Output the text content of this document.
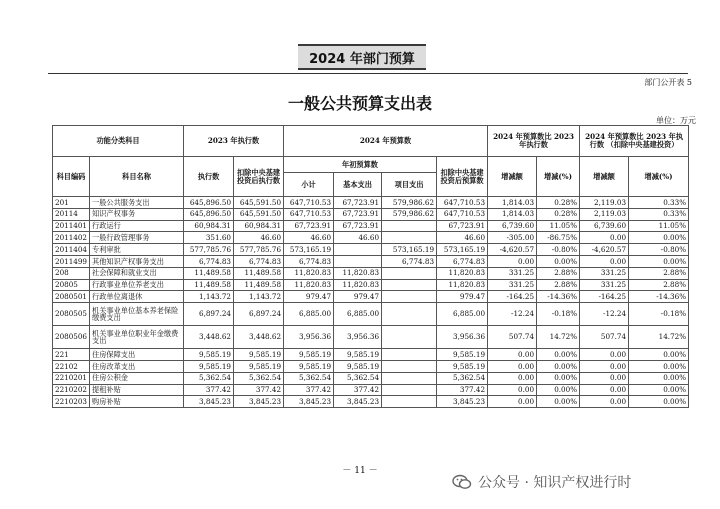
2024 年部门预算
部门公开表 5
一般公共预算支出表
单位：万元
功能分类科目		2023 年执行数		2024 年预算数				2024 年预算数比 2023 年执行数		2024 年预算数比 2023 年执行数 （扣除中央基建投资）	
科目编码	科目名称	执行数	扣除中央基建投资后执行数	年初预算数			扣除中央基建投资后预算数	增减额	增减(%)	增减额	增减(%)
				小计	基本支出	项目支出					
201	一般公共服务支出	645,896.50	645,591.50	647,710.53	67,723.91	579,986.62	647,710.53	1,814.03	0.28%	2,119.03	0.33%
20114	知识产权事务	645,896.50	645,591.50	647,710.53	67,723.91	579,986.62	647,710.53	1,814.03	0.28%	2,119.03	0.33%
2011401	行政运行	60,984.31	60,984.31	67,723.91	67,723.91		67,723.91	6,739.60	11.05%	6,739.60	11.05%
2011402	一般行政管理事务	351.60	46.60	46.60	46.60		46.60	-305.00	-86.75%	0.00	0.00%
2011404	专利审批	577,785.76	577,785.76	573,165.19		573,165.19	573,165.19	-4,620.57	-0.80%	-4,620.57	-0.80%
2011499	其他知识产权事务支出	6,774.83	6,774.83	6,774.83		6,774.83	6,774.83	0.00	0.00%	0.00	0.00%
208	社会保障和就业支出	11,489.58	11,489.58	11,820.83	11,820.83		11,820.83	331.25	2.88%	331.25	2.88%
20805	行政事业单位养老支出	11,489.58	11,489.58	11,820.83	11,820.83		11,820.83	331.25	2.88%	331.25	2.88%
2080501	行政单位离退休	1,143.72	1,143.72	979.47	979.47		979.47	-164.25	-14.36%	-164.25	-14.36%
2080505	机关事业单位基本养老保险缴费支出	6,897.24	6,897.24	6,885.00	6,885.00		6,885.00	-12.24	-0.18%	-12.24	-0.18%
2080506	机关事业单位职业年金缴费支出	3,448.62	3,448.62	3,956.36	3,956.36		3,956.36	507.74	14.72%	507.74	14.72%
221	住房保障支出	9,585.19	9,585.19	9,585.19	9,585.19		9,585.19	0.00	0.00%	0.00	0.00%
22102	住房改革支出	9,585.19	9,585.19	9,585.19	9,585.19		9,585.19	0.00	0.00%	0.00	0.00%
2210201	住房公积金	5,362.54	5,362.54	5,362.54	5,362.54		5,362.54	0.00	0.00%	0.00	0.00%
2210202	提租补贴	377.42	377.42	377.42	377.42		377.42	0.00	0.00%	0.00	0.00%
2210203	购房补贴	3,845.23	3,845.23	3,845.23	3,845.23		3,845.23	0.00	0.00%	0.00	0.00%
－ 11 －
公众号 · 知识产权进行时
